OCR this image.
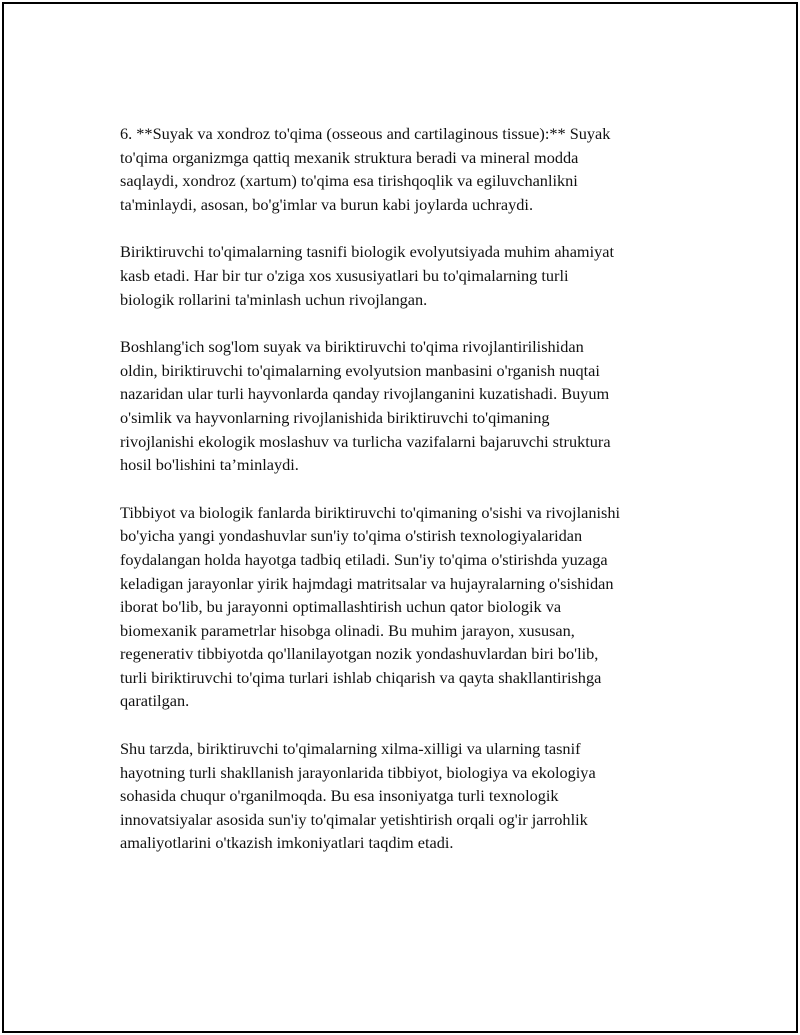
6. **Suyak va xondroz to'qima (osseous and cartilaginous tissue):** Suyak
to'qima organizmga qattiq mexanik struktura beradi va mineral modda
saqlaydi, xondroz (xartum) to'qima esa tirishqoqlik va egiluvchanlikni
ta'minlaydi, asosan, bo'g'imlar va burun kabi joylarda uchraydi.

Biriktiruvchi to'qimalarning tasnifi biologik evolyutsiyada muhim ahamiyat
kasb etadi. Har bir tur o'ziga xos xususiyatlari bu to'qimalarning turli
biologik rollarini ta'minlash uchun rivojlangan.

Boshlang'ich sog'lom suyak va biriktiruvchi to'qima rivojlantirilishidan
oldin, biriktiruvchi to'qimalarning evolyutsion manbasini o'rganish nuqtai
nazaridan ular turli hayvonlarda qanday rivojlanganini kuzatishadi. Buyum
o'simlik va hayvonlarning rivojlanishida biriktiruvchi to'qimaning
rivojlanishi ekologik moslashuv va turlicha vazifalarni bajaruvchi struktura
hosil bo'lishini ta’minlaydi.

Tibbiyot va biologik fanlarda biriktiruvchi to'qimaning o'sishi va rivojlanishi
bo'yicha yangi yondashuvlar sun'iy to'qima o'stirish texnologiyalaridan
foydalangan holda hayotga tadbiq etiladi. Sun'iy to'qima o'stirishda yuzaga
keladigan jarayonlar yirik hajmdagi matritsalar va hujayralarning o'sishidan
iborat bo'lib, bu jarayonni optimallashtirish uchun qator biologik va
biomexanik parametrlar hisobga olinadi. Bu muhim jarayon, xususan,
regenerativ tibbiyotda qo'llanilayotgan nozik yondashuvlardan biri bo'lib,
turli biriktiruvchi to'qima turlari ishlab chiqarish va qayta shakllantirishga
qaratilgan.

Shu tarzda, biriktiruvchi to'qimalarning xilma-xilligi va ularning tasnif
hayotning turli shakllanish jarayonlarida tibbiyot, biologiya va ekologiya
sohasida chuqur o'rganilmoqda. Bu esa insoniyatga turli texnologik
innovatsiyalar asosida sun'iy to'qimalar yetishtirish orqali og'ir jarrohlik
amaliyotlarini o'tkazish imkoniyatlari taqdim etadi.
